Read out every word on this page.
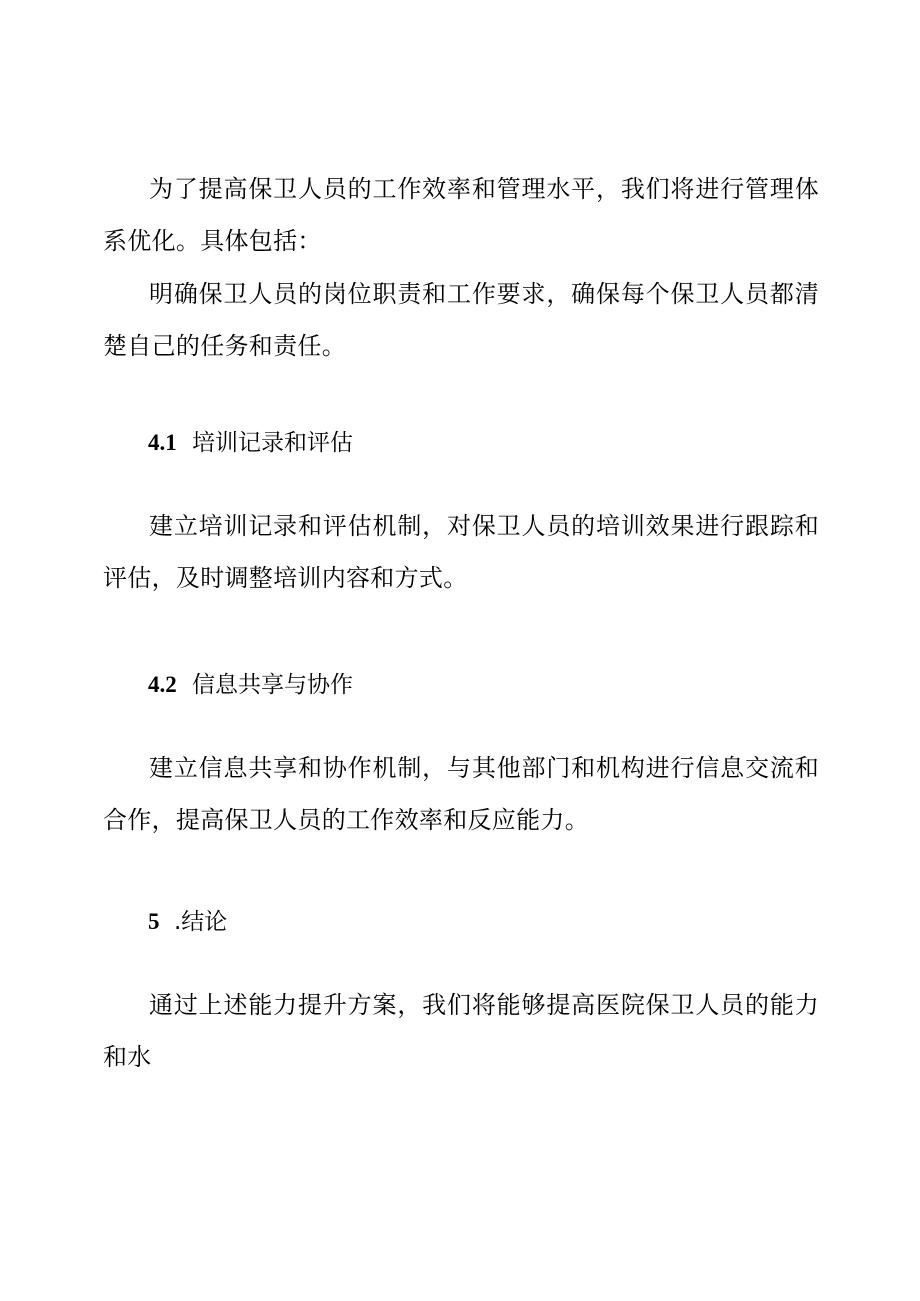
为了提高保卫人员的工作效率和管理水平，我们将进行管理体系优化。具体包括：

明确保卫人员的岗位职责和工作要求，确保每个保卫人员都清楚自己的任务和责任。

4.1 培训记录和评估

建立培训记录和评估机制，对保卫人员的培训效果进行跟踪和评估，及时调整培训内容和方式。

4.2 信息共享与协作

建立信息共享和协作机制，与其他部门和机构进行信息交流和合作，提高保卫人员的工作效率和反应能力。

5 .结论

通过上述能力提升方案，我们将能够提高医院保卫人员的能力和水
